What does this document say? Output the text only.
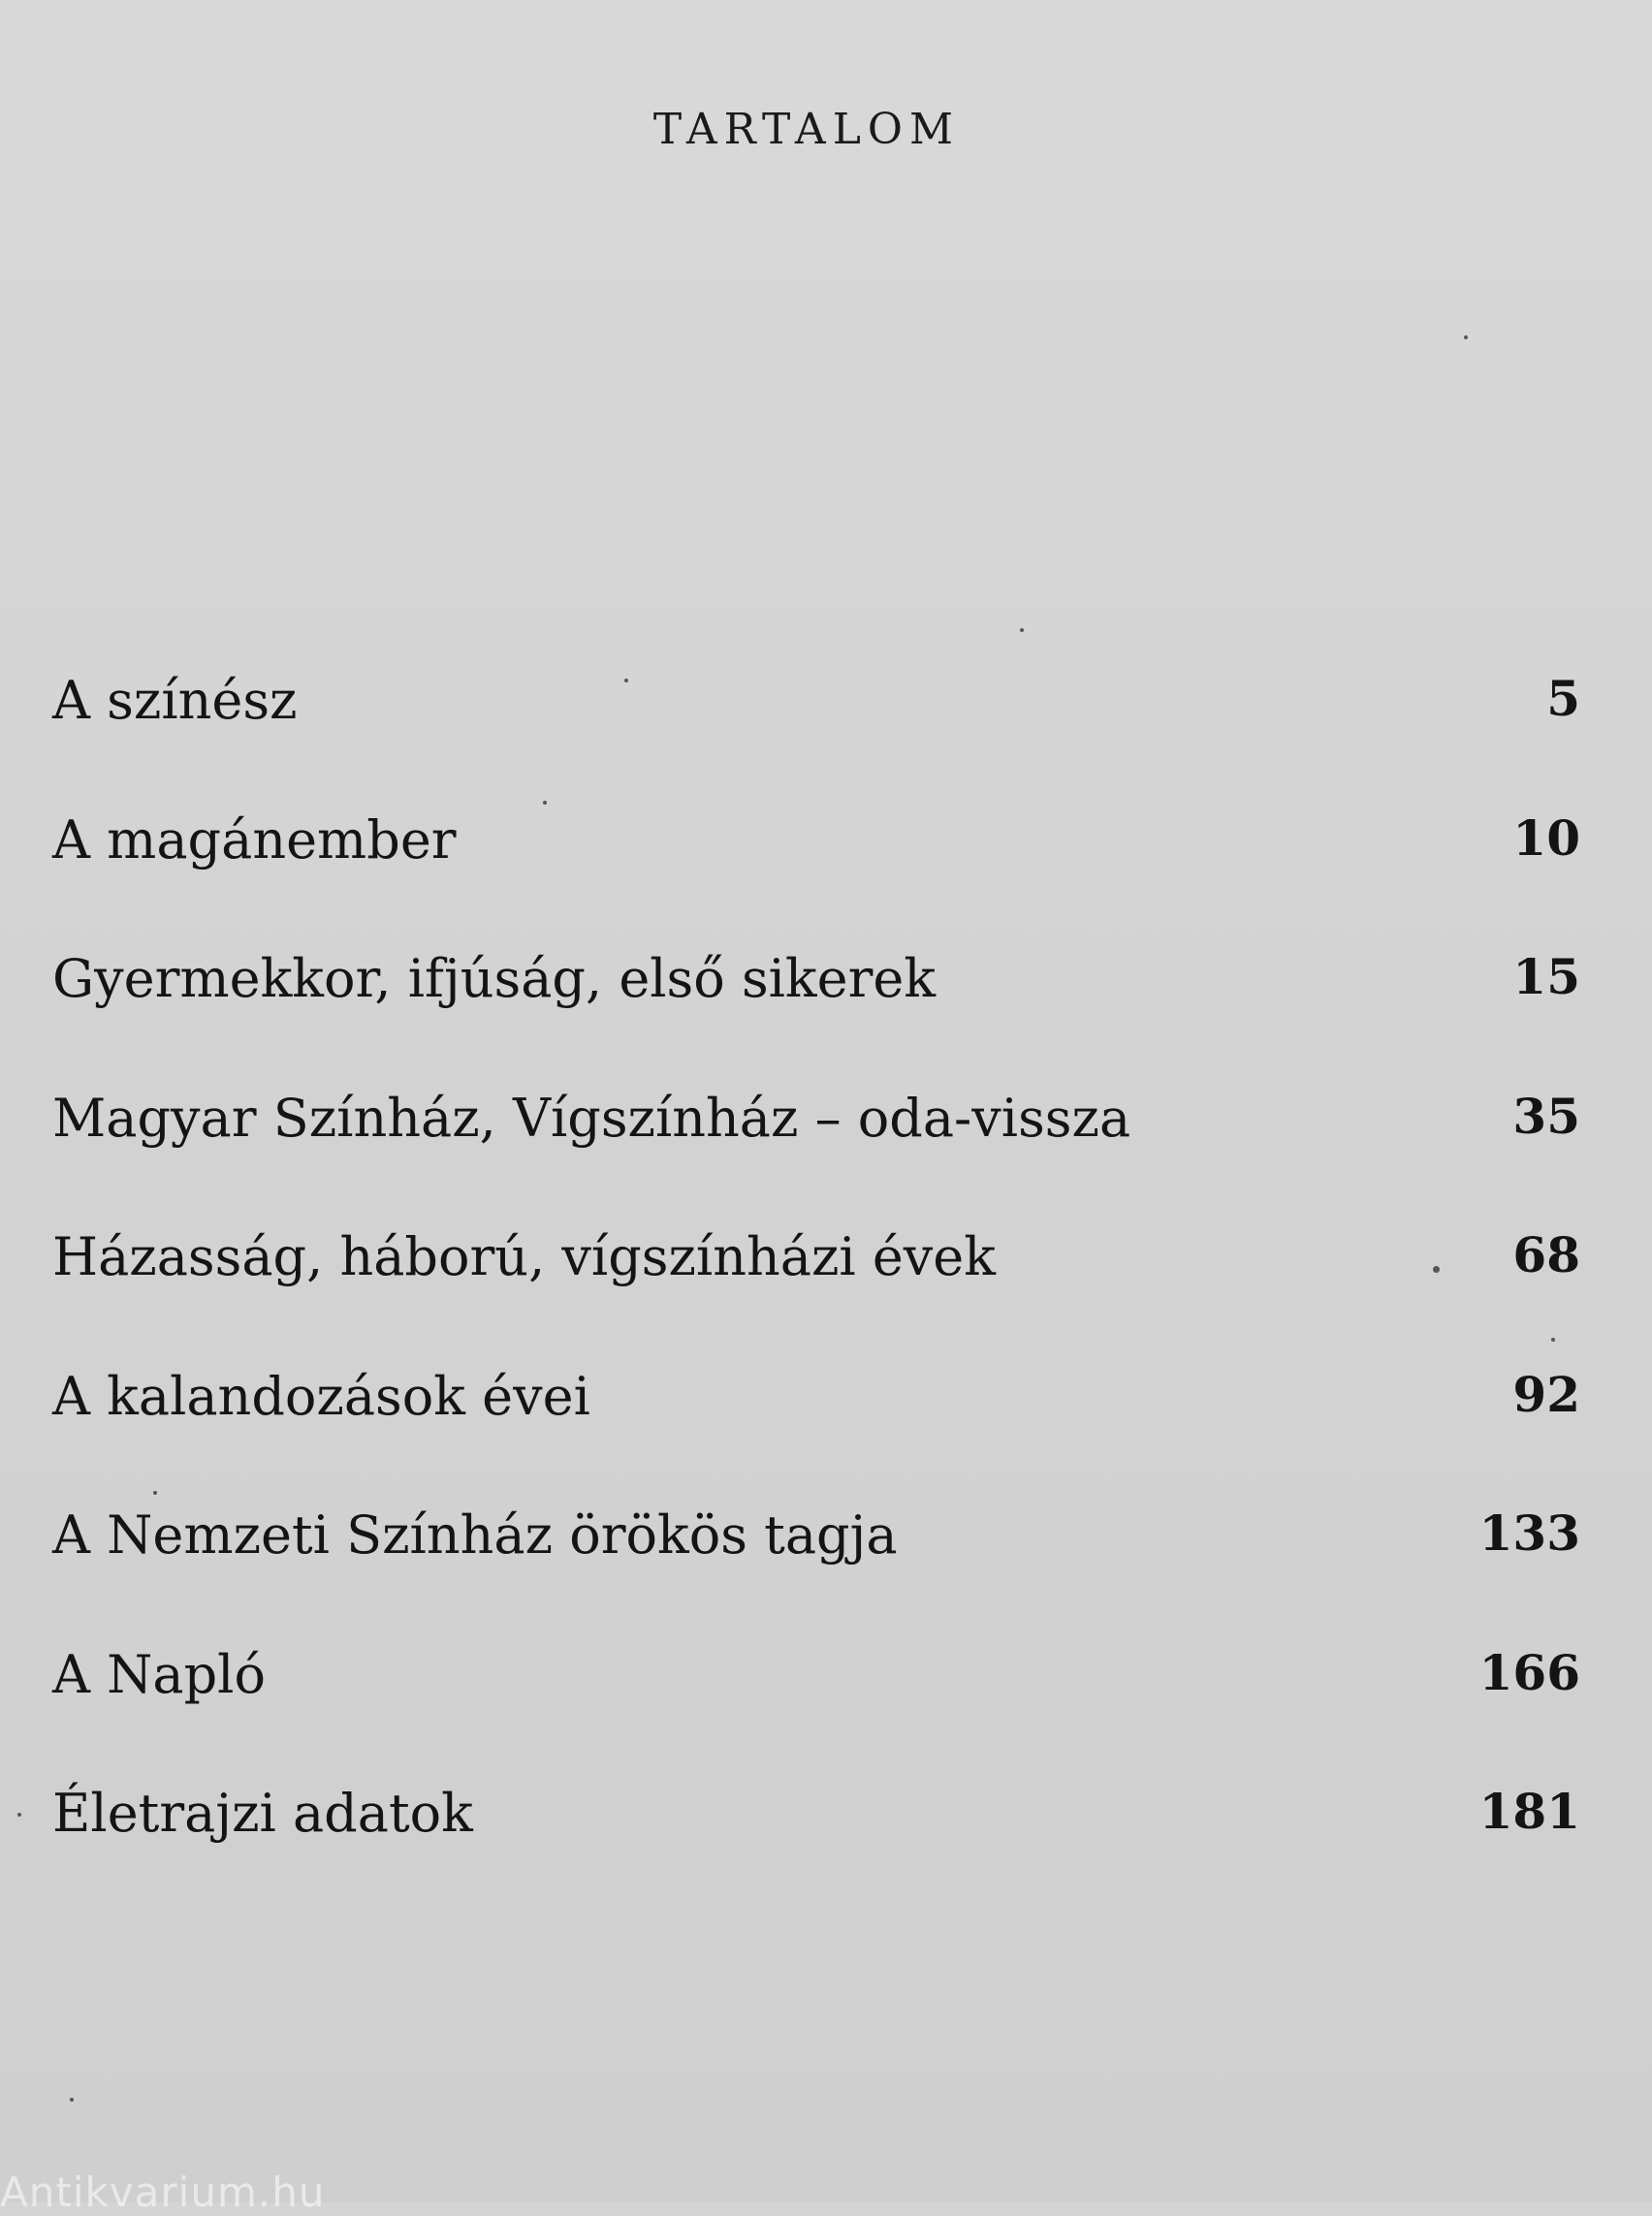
TARTALOM
A színész	5
A magánember	10
Gyermekkor, ifjúság, első sikerek	15
Magyar Színház, Vígszínház – oda-vissza	35
Házasság, háború, vígszínházi évek	68
A kalandozások évei	92
A Nemzeti Színház örökös tagja	133
A Napló	166
Életrajzi adatok	181
Antikvarium.hu
